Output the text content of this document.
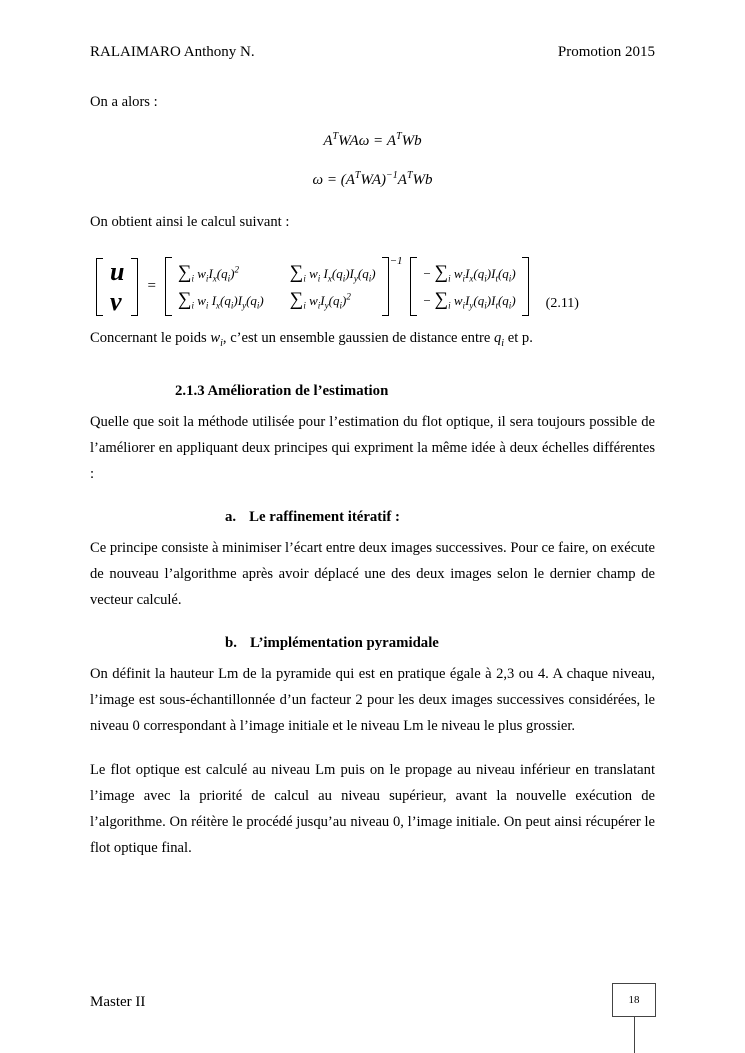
RALAIMARO Anthony N.	Promotion 2015

On a alors :

$A^TWA\omega = A^TWb$
$\omega = (A^TWA)^{-1}A^TWb$

On obtient ainsi le calcul suivant :

u
v
=
$\sum_i$ $w_iI_x(q_i)^2$	$\sum_i$ $w_i$ $I_x(q_i)I_y(q_i)$
$\sum_i$ $w_i$ $I_x(q_i)I_y(q_i)$ $\sum_i$ $w_iI_y(q_i)^2$
−1
− $\sum_i$ $w_iI_x(q_i)I_t(q_i)$
− $\sum_i$ $w_iI_y(q_i)I_t(q_i)$ (2.11)

Concernant le poids $w_i$, c’est un ensemble gaussien de distance entre $q_i$ et p.

2.1.3 Amélioration de l’estimation

Quelle que soit la méthode utilisée pour l’estimation du flot optique, il sera toujours possible de l’améliorer en appliquant deux principes qui expriment la même idée à deux échelles différentes :

a. Le raffinement itératif :

Ce principe consiste à minimiser l’écart entre deux images successives. Pour ce faire, on exécute de nouveau l’algorithme après avoir déplacé une des deux images selon le dernier champ de vecteur calculé.

b. L’implémentation pyramidale

On définit la hauteur Lm de la pyramide qui est en pratique égale à 2,3 ou 4. A chaque niveau, l’image est sous-échantillonnée d’un facteur 2 pour les deux images successives considérées, le niveau 0 correspondant à l’image initiale et le niveau Lm le niveau le plus grossier.

Le flot optique est calculé au niveau Lm puis on le propage au niveau inférieur en translatant l’image avec la priorité de calcul au niveau supérieur, avant la nouvelle exécution de l’algorithme. On réitère le procédé jusqu’au niveau 0, l’image initiale. On peut ainsi récupérer le flot optique final.

Master II	18
